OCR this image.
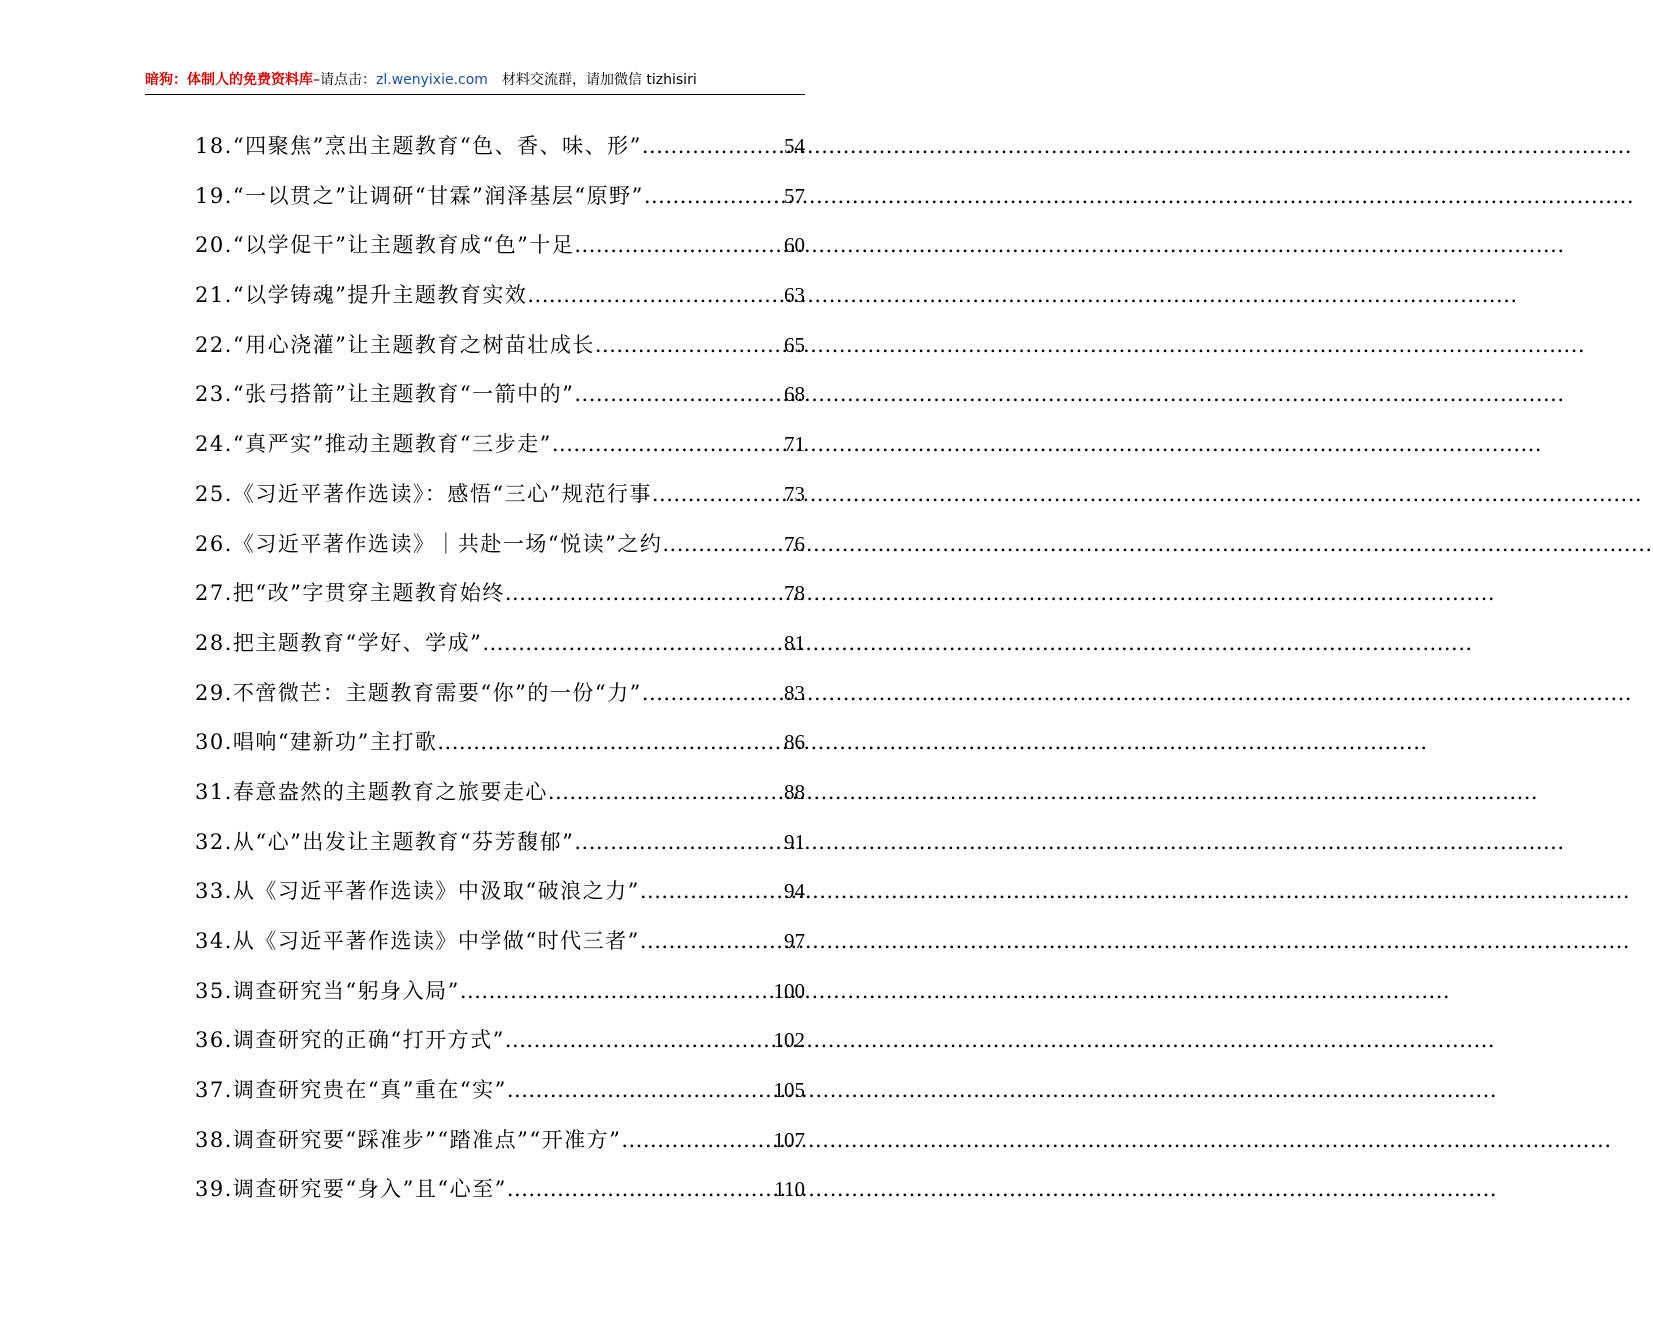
暗狗：体制人的免费资料库 –请点击： zl.wenyixie.com 材料交流群，请加微信 tizhisiri
18.“四聚焦”烹出主题教育“色、香、味、形” .....	54
19.“一以贯之”让调研“甘霖”润泽基层“原野” .....	57
20.“以学促干”让主题教育成“色”十足 .....	60
21.“以学铸魂”提升主题教育实效 .....	63
22.“用心浇灌”让主题教育之树苗壮成长 .....	65
23.“张弓搭箭”让主题教育“一箭中的” .....	68
24.“真严实”推动主题教育“三步走” .....	71
25.《习近平著作选读》：感悟“三心”规范行事 .....	73
26.《习近平著作选读》｜共赴一场“悦读”之约 .....	76
27.把“改”字贯穿主题教育始终 .....	78
28.把主题教育“学好、学成” .....	81
29.不啻微芒：主题教育需要“你”的一份“力” .....	83
30.唱响“建新功”主打歌 .....	86
31.春意盎然的主题教育之旅要走心 .....	88
32.从“心”出发让主题教育“芬芳馥郁” .....	91
33.从《习近平著作选读》中汲取“破浪之力” .....	94
34.从《习近平著作选读》中学做“时代三者” .....	97
35.调查研究当“躬身入局” .....	100
36.调查研究的正确“打开方式” .....	102
37.调查研究贵在“真”重在“实” .....	105
38.调查研究要“踩准步”“踏准点”“开准方” .....	107
39.调查研究要“身入”且“心至” .....	110
